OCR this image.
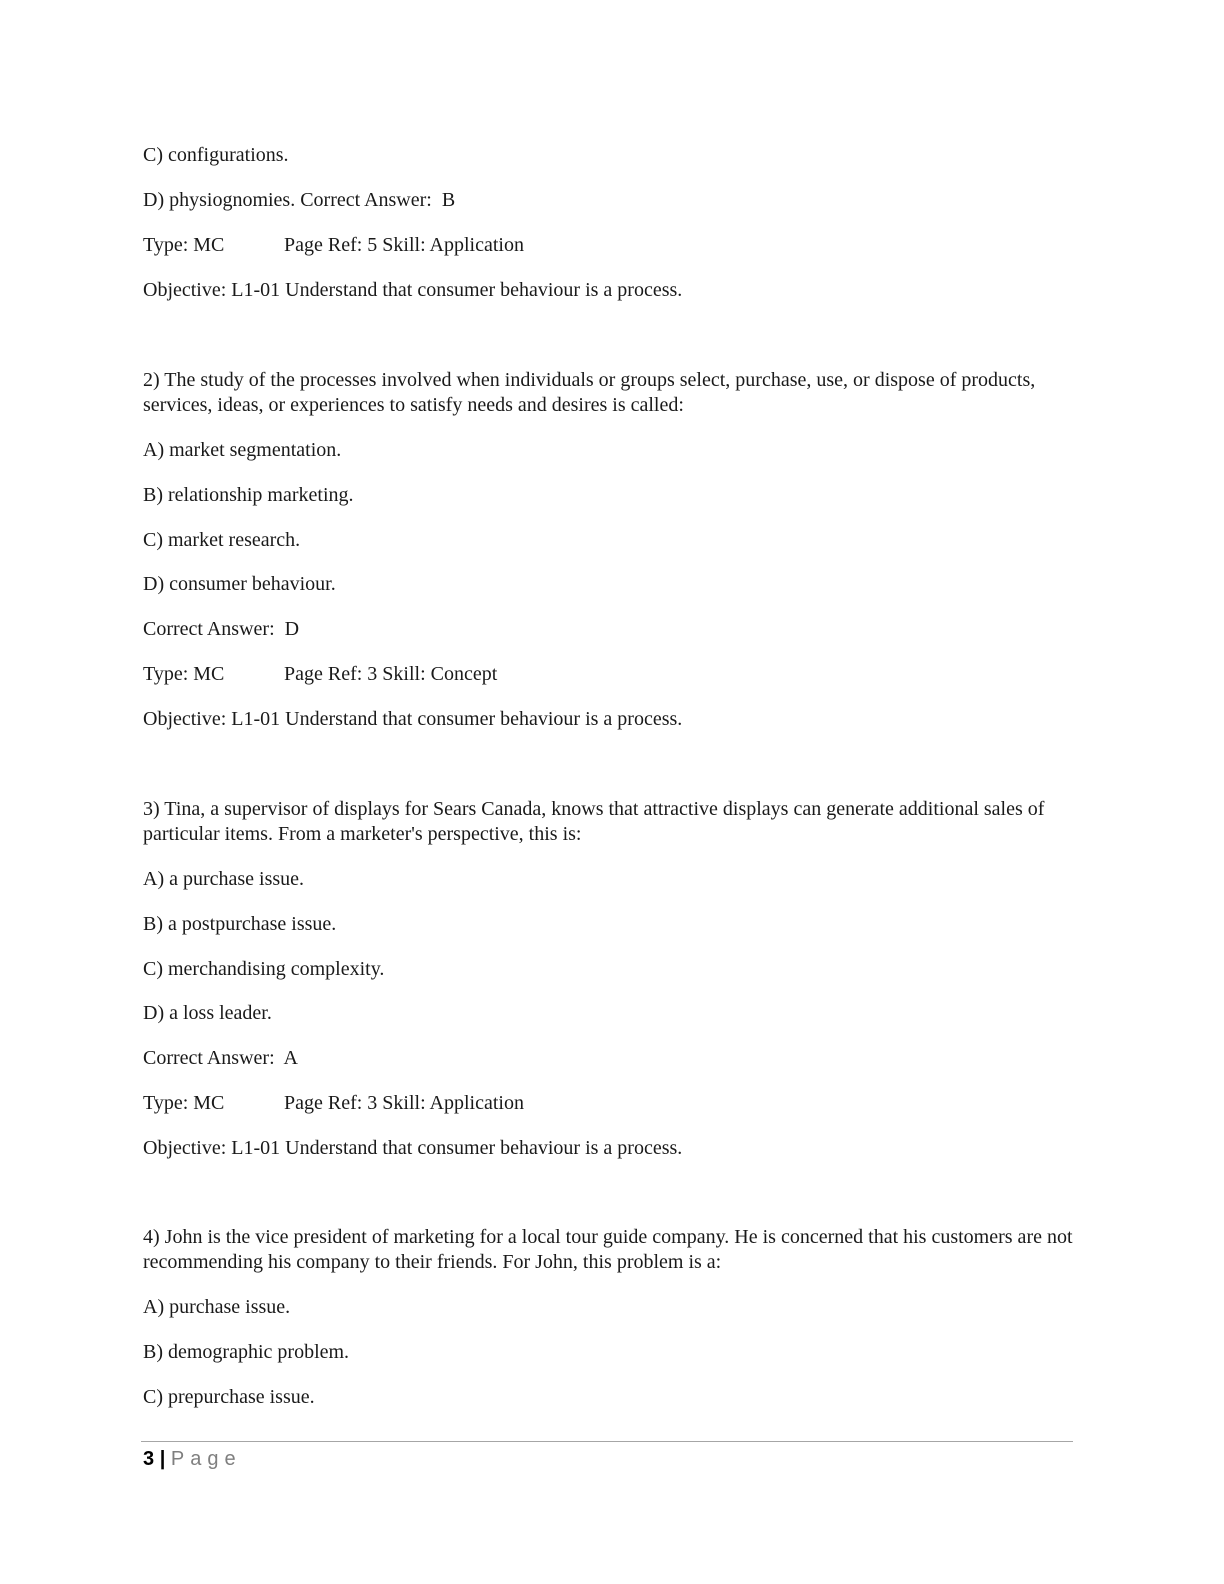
C) configurations.
D) physiognomies. Correct Answer:  B
Type: MC	Page Ref: 5 Skill: Application
Objective: L1-01 Understand that consumer behaviour is a process.
2) The study of the processes involved when individuals or groups select, purchase, use, or dispose of products, services, ideas, or experiences to satisfy needs and desires is called:
A) market segmentation.
B) relationship marketing.
C) market research.
D) consumer behaviour.
Correct Answer:  D
Type: MC	Page Ref: 3 Skill: Concept
Objective: L1-01 Understand that consumer behaviour is a process.
3) Tina, a supervisor of displays for Sears Canada, knows that attractive displays can generate additional sales of particular items. From a marketer's perspective, this is:
A) a purchase issue.
B) a postpurchase issue.
C) merchandising complexity.
D) a loss leader.
Correct Answer:  A
Type: MC	Page Ref: 3 Skill: Application
Objective: L1-01 Understand that consumer behaviour is a process.
4) John is the vice president of marketing for a local tour guide company. He is concerned that his customers are not recommending his company to their friends. For John, this problem is a:
A) purchase issue.
B) demographic problem.
C) prepurchase issue.
3 | Page
